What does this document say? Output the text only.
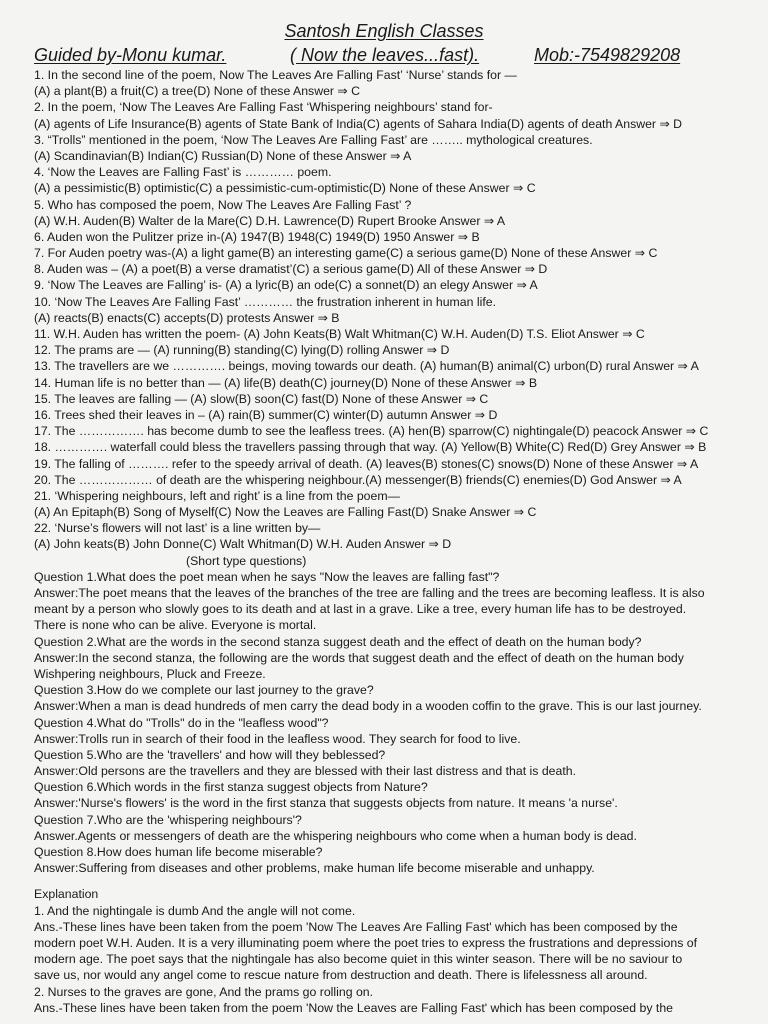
Santosh English Classes
Guided by-Monu kumar.	( Now the leaves...fast).	Mob:-7549829208
1. In the second line of the poem, Now The Leaves Are Falling Fast’ ‘Nurse’ stands for —
(A) a plant(B) a fruit(C) a tree(D) None of these Answer ⇒ C
2. In the poem, ‘Now The Leaves Are Falling Fast ‘Whispering neighbours’ stand for-
(A) agents of Life Insurance(B) agents of State Bank of India(C) agents of Sahara India(D) agents of death Answer ⇒ D
3. “Trolls” mentioned in the poem, ‘Now The Leaves Are Falling Fast’ are …….. mythological creatures.
(A) Scandinavian(B) Indian(C) Russian(D) None of these Answer ⇒ A
4. ‘Now the Leaves are Falling Fast’ is ………… poem.
(A) a pessimistic(B) optimistic(C) a pessimistic-cum-optimistic(D) None of these Answer ⇒ C
5. Who has composed the poem, Now The Leaves Are Falling Fast’ ?
(A) W.H. Auden(B) Walter de la Mare(C) D.H. Lawrence(D) Rupert Brooke Answer ⇒ A
6. Auden won the Pulitzer prize in-(A) 1947(B) 1948(C) 1949(D) 1950 Answer ⇒ B
7. For Auden poetry was-(A) a light game(B) an interesting game(C) a serious game(D) None of these Answer ⇒ C
8. Auden was – (A) a poet(B) a verse dramatist’(C) a serious game(D) All of these Answer ⇒ D
9. ‘Now The Leaves are Falling’ is- (A) a lyric(B) an ode(C) a sonnet(D) an elegy Answer ⇒ A
10. ‘Now The Leaves Are Falling Fast’ ………… the frustration inherent in human life.
(A) reacts(B) enacts(C) accepts(D) protests Answer ⇒ B
11. W.H. Auden has written the poem- (A) John Keats(B) Walt Whitman(C) W.H. Auden(D) T.S. Eliot Answer ⇒ C
12. The prams are — (A) running(B) standing(C) lying(D) rolling Answer ⇒ D
13. The travellers are we …………. beings, moving towards our death. (A) human(B) animal(C) urbon(D) rural Answer ⇒ A
14. Human life is no better than — (A) life(B) death(C) journey(D) None of these Answer ⇒ B
15. The leaves are falling — (A) slow(B) soon(C) fast(D) None of these Answer ⇒ C
16. Trees shed their leaves in – (A) rain(B) summer(C) winter(D) autumn Answer ⇒ D
17. The ……………. has become dumb to see the leafless trees. (A) hen(B) sparrow(C) nightingale(D) peacock Answer ⇒ C
18. …………. waterfall could bless the travellers passing through that way. (A) Yellow(B) White(C) Red(D) Grey Answer ⇒ B
19. The falling of ………. refer to the speedy arrival of death. (A) leaves(B) stones(C) snows(D) None of these Answer ⇒ A
20. The ……………… of death are the whispering neighbour.(A) messenger(B) friends(C) enemies(D) God Answer ⇒ A
21. ‘Whispering neighbours, left and right’ is a line from the poem—
(A) An Epitaph(B) Song of Myself(C) Now the Leaves are Falling Fast(D) Snake Answer ⇒ C
22. ‘Nurse’s flowers will not last’ is a line written by—
(A) John keats(B) John Donne(C) Walt Whitman(D) W.H. Auden Answer ⇒ D
(Short type questions)
Question 1.What does the poet mean when he says "Now the leaves are falling fast"?
Answer:The poet means that the leaves of the branches of the tree are falling and the trees are becoming leafless. It is also
meant by a person who slowly goes to its death and at last in a grave. Like a tree, every human life has to be destroyed.
There is none who can be alive. Everyone is mortal.
Question 2.What are the words in the second stanza suggest death and the effect of death on the human body?
Answer:In the second stanza, the following are the words that suggest death and the effect of death on the human body
Wishpering neighbours, Pluck and Freeze.
Question 3.How do we complete our last journey to the grave?
Answer:When a man is dead hundreds of men carry the dead body in a wooden coffin to the grave. This is our last journey.
Question 4.What do "Trolls" do in the "leafless wood"?
Answer:Trolls run in search of their food in the leafless wood. They search for food to live.
Question 5.Who are the 'travellers' and how will they beblessed?
Answer:Old persons are the travellers and they are blessed with their last distress and that is death.
Question 6.Which words in the first stanza suggest objects from Nature?
Answer:'Nurse's flowers' is the word in the first stanza that suggests objects from nature. It means 'a nurse'.
Question 7.Who are the 'whispering neighbours'?
Answer.Agents or messengers of death are the whispering neighbours who come when a human body is dead.
Question 8.How does human life become miserable?
Answer:Suffering from diseases and other problems, make human life become miserable and unhappy.
Explanation
1. And the nightingale is dumb And the angle will not come.
Ans.-These lines have been taken from the poem 'Now The Leaves Are Falling Fast' which has been composed by the
modern poet W.H. Auden. It is a very illuminating poem where the poet tries to express the frustrations and depressions of
modern age. The poet says that the nightingale has also become quiet in this winter season. There will be no saviour to
save us, nor would any angel come to rescue nature from destruction and death. There is lifelessness all around.
2. Nurses to the graves are gone, And the prams go rolling on.
Ans.-These lines have been taken from the poem 'Now the Leaves are Falling Fast' which has been composed by the
